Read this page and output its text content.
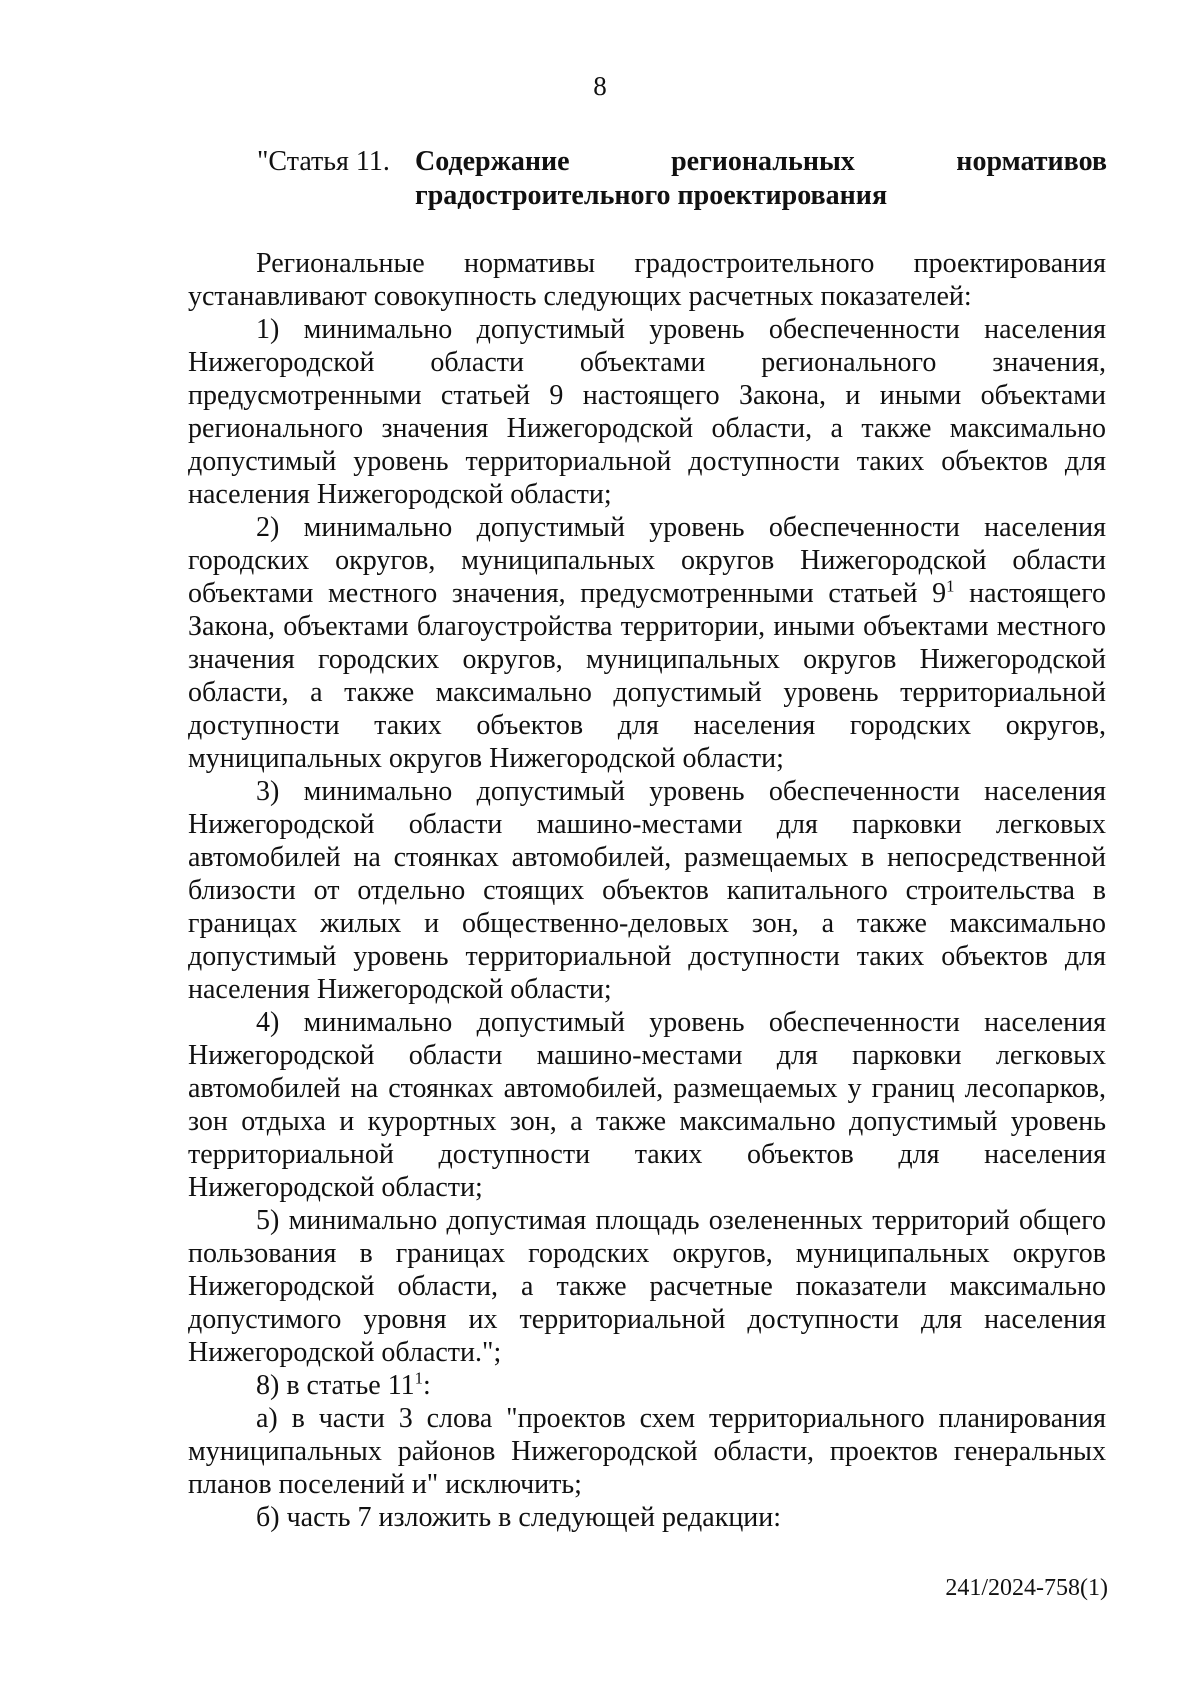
8
"Статья 11. Содержание региональных нормативов
градостроительного проектирования

Региональные нормативы градостроительного проектирования устанавливают совокупность следующих расчетных показателей:

1) минимально допустимый уровень обеспеченности населения Нижегородской области объектами регионального значения, предусмотренными статьей 9 настоящего Закона, и иными объектами регионального значения Нижегородской области, а также максимально допустимый уровень территориальной доступности таких объектов для населения Нижегородской области;

2) минимально допустимый уровень обеспеченности населения городских округов, муниципальных округов Нижегородской области объектами местного значения, предусмотренными статьей $9^1$ настоящего Закона, объектами благоустройства территории, иными объектами местного значения городских округов, муниципальных округов Нижегородской области, а также максимально допустимый уровень территориальной доступности таких объектов для населения городских округов, муниципальных округов Нижегородской области;

3) минимально допустимый уровень обеспеченности населения Нижегородской области машино-местами для парковки легковых автомобилей на стоянках автомобилей, размещаемых в непосредственной близости от отдельно стоящих объектов капитального строительства в границах жилых и общественно-деловых зон, а также максимально допустимый уровень территориальной доступности таких объектов для населения Нижегородской области;

4) минимально допустимый уровень обеспеченности населения Нижегородской области машино-местами для парковки легковых автомобилей на стоянках автомобилей, размещаемых у границ лесопарков, зон отдыха и курортных зон, а также максимально допустимый уровень территориальной доступности таких объектов для населения Нижегородской области;

5) минимально допустимая площадь озелененных территорий общего пользования в границах городских округов, муниципальных округов Нижегородской области, а также расчетные показатели максимально допустимого уровня их территориальной доступности для населения Нижегородской области.";

8) в статье $11^1$:

а) в части 3 слова "проектов схем территориального планирования муниципальных районов Нижегородской области, проектов генеральных планов поселений и" исключить;

б) часть 7 изложить в следующей редакции:

241/2024-758(1)
